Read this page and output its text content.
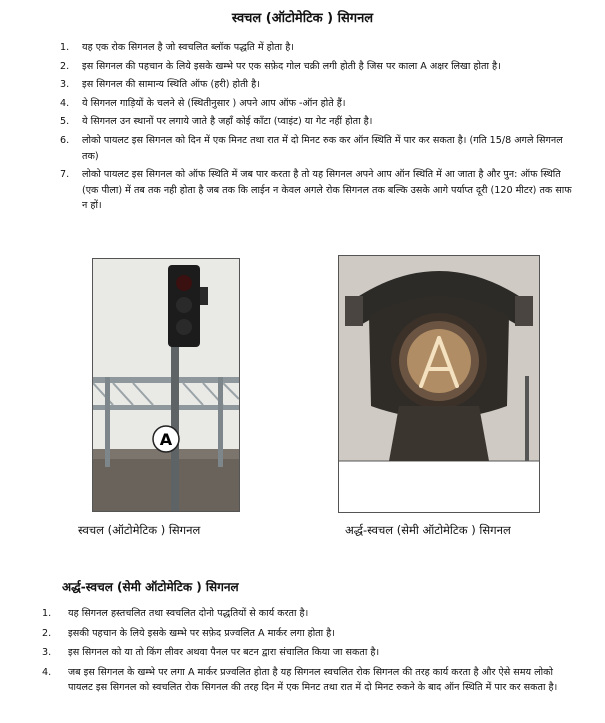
स्वचल (ऑटोमेटिक ) सिगनल
1. यह एक रोक सिगनल है जो स्वचलित ब्लॉक पद्धति में होता है।
2. इस सिगनल की पहचान के लिये इसके खम्भे पर एक सफ़ेद गोल चक्री लगी होती है जिस पर काला A अक्षर लिखा होता है।
3. इस सिगनल की सामान्य स्थिति ऑफ (हरी) होती है।
4. ये सिगनल गाड़ियों के चलने से (स्थितीनुसार ) अपने आप ऑफ -ऑन होते हैं।
5. ये सिगनल उन स्थानों पर लगाये जाते है जहाँ कोई काँटा (प्वाइंट) या गेट नहीं होता है।
6. लोको पायलट इस सिगनल को दिन में एक मिनट तथा रात में दो मिनट रुक कर ऑन स्थिति में पार कर सकता है। (गति 15/8 अगले सिगनल तक)
7. लोको पायलट इस सिगनल को ऑफ स्थिति में जब पार करता है तो यह सिगनल अपने आप ऑन स्थिति में आ जाता है और पुन: ऑफ स्थिति (एक पीला) में तब तक नही होता है जब तक कि लाईन न केवल अगले रोक सिगनल तक बल्कि उसके आगे पर्याप्त दूरी (120 मीटर) तक साफ न हों।
A
स्वचल (ऑटोमेटिक ) सिगनल	अर्द्ध-स्वचल (सेमी ऑटोमेटिक ) सिगनल
अर्द्ध-स्वचल (सेमी ऑटोमेटिक ) सिगनल
1. यह सिगनल हस्तचलित तथा स्वचलित दोनो पद्धतियों से कार्य करता है।
2. इसकी पहचान के लिये इसके खम्भे पर सफ़ेद प्रज्वलित A मार्कर लगा होता है।
3. इस सिगनल को या तो किंग लीवर अथवा पैनल पर बटन द्वारा संचालित किया जा सकता है।
4. जब इस सिगनल के खम्भे पर लगा A मार्कर प्रज्वलित होता है यह सिगनल स्वचलित रोक सिगनल की तरह कार्य करता है और ऐसे समय लोको पायलट इस सिगनल को स्वचलित रोक सिगनल की तरह दिन में एक मिनट तथा रात में दो मिनट रुकने के बाद ऑन स्थिति में पार कर सकता है।
